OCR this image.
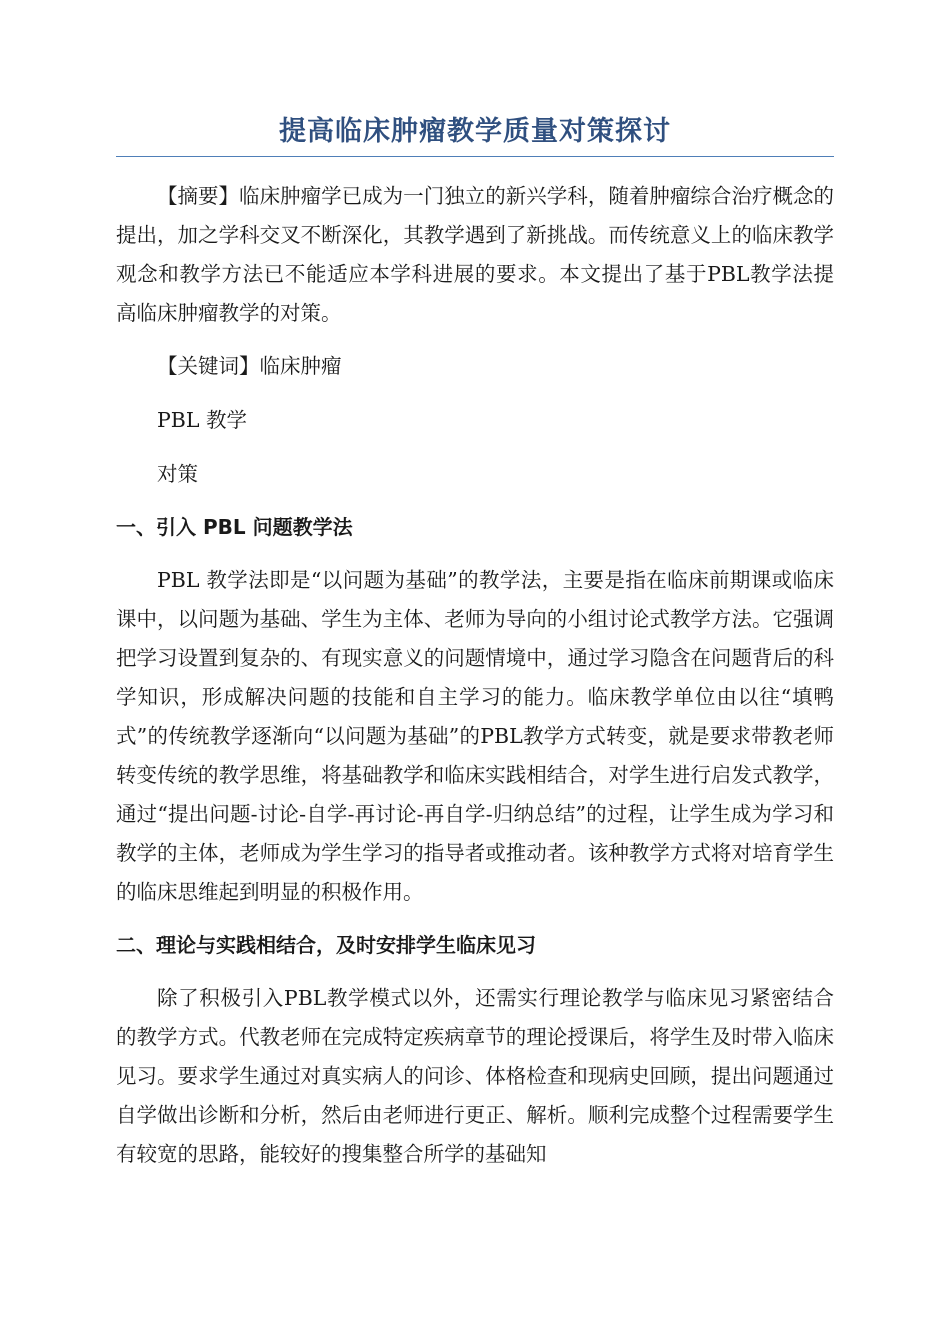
提高临床肿瘤教学质量对策探讨

【摘要】临床肿瘤学已成为一门独立的新兴学科，随着肿瘤综合治疗概念的提出，加之学科交叉不断深化，其教学遇到了新挑战。而传统意义上的临床教学观念和教学方法已不能适应本学科进展的要求。本文提出了基于PBL教学法提高临床肿瘤教学的对策。

【关键词】临床肿瘤

PBL 教学

对策

一、引入 PBL 问题教学法

PBL 教学法即是“以问题为基础”的教学法，主要是指在临床前期课或临床课中，以问题为基础、学生为主体、老师为导向的小组讨论式教学方法。它强调把学习设置到复杂的、有现实意义的问题情境中，通过学习隐含在问题背后的科学知识，形成解决问题的技能和自主学习的能力。临床教学单位由以往“填鸭式”的传统教学逐渐向“以问题为基础”的PBL教学方式转变，就是要求带教老师转变传统的教学思维，将基础教学和临床实践相结合，对学生进行启发式教学，通过“提出问题-讨论-自学-再讨论-再自学-归纳总结”的过程，让学生成为学习和教学的主体，老师成为学生学习的指导者或推动者。该种教学方式将对培育学生的临床思维起到明显的积极作用。

二、理论与实践相结合，及时安排学生临床见习

除了积极引入PBL教学模式以外，还需实行理论教学与临床见习紧密结合的教学方式。代教老师在完成特定疾病章节的理论授课后，将学生及时带入临床见习。要求学生通过对真实病人的问诊、体格检查和现病史回顾，提出问题通过自学做出诊断和分析，然后由老师进行更正、解析。顺利完成整个过程需要学生有较宽的思路，能较好的搜集整合所学的基础知
